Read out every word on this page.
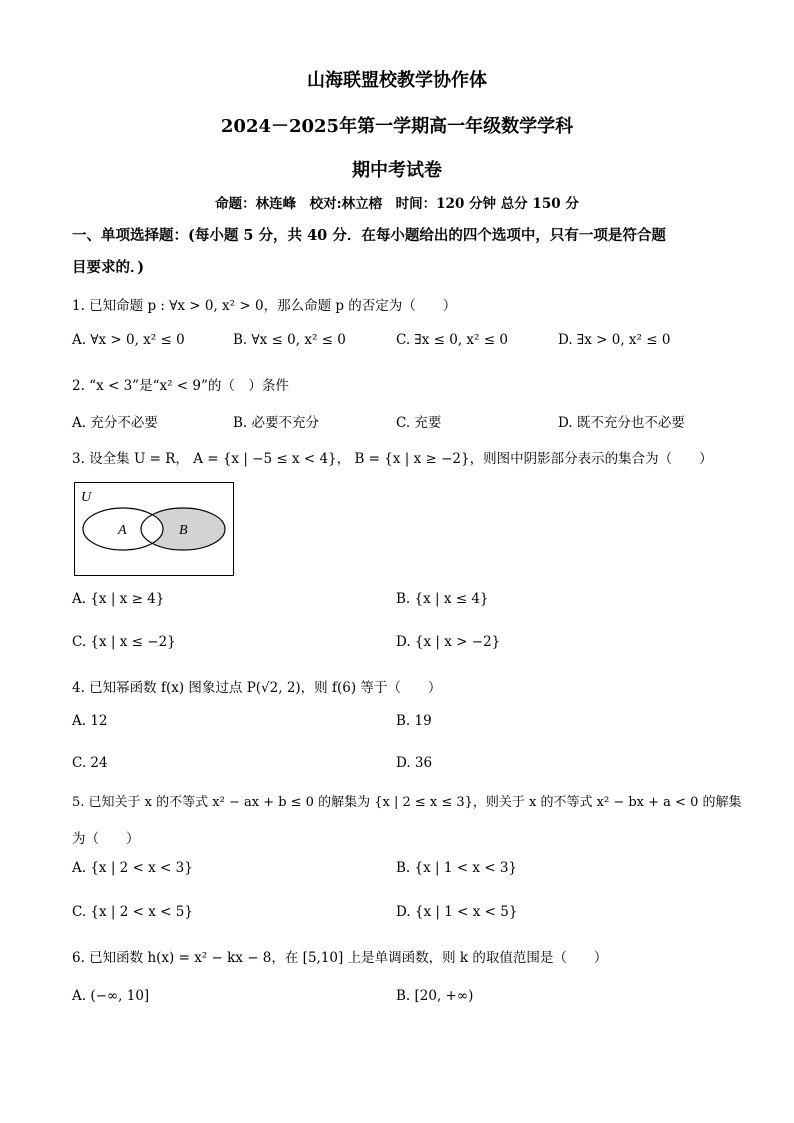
山海联盟校教学协作体
2024－2025年第一学期高一年级数学学科
期中考试卷
命题：林连峰　校对:林立榕　时间：120 分钟 总分 150 分
一、单项选择题：(每小题 5 分，共 40 分．在每小题给出的四个选项中，只有一项是符合题
目要求的．)
1. 已知命题 p : ∀x > 0, x² > 0，那么命题 p 的否定为（　　）
A. ∀x > 0, x² ≤ 0	B. ∀x ≤ 0, x² ≤ 0	C. ∃x ≤ 0, x² ≤ 0	D. ∃x > 0, x² ≤ 0
2. “x < 3”是“x² < 9”的（　）条件
A. 充分不必要	B. 必要不充分	C. 充要	D. 既不充分也不必要
3. 设全集 U = R， A = {x | −5 ≤ x < 4}， B = {x | x ≥ −2}，则图中阴影部分表示的集合为（　　）
U
A	B
A. {x | x ≥ 4}	B. {x | x ≤ 4}
C. {x | x ≤ −2}	D. {x | x > −2}
4. 已知幂函数 f(x) 图象过点 P(√2, 2)，则 f(6) 等于（　　）
A. 12	B. 19
C. 24	D. 36
5. 已知关于 x 的不等式 x² − ax + b ≤ 0 的解集为 {x | 2 ≤ x ≤ 3}，则关于 x 的不等式 x² − bx + a < 0 的解集
为（　　）
A. {x | 2 < x < 3}	B. {x | 1 < x < 3}
C. {x | 2 < x < 5}	D. {x | 1 < x < 5}
6. 已知函数 h(x) = x² − kx − 8，在 [5,10] 上是单调函数，则 k 的取值范围是（　　）
A. (−∞, 10]	B. [20, +∞)
